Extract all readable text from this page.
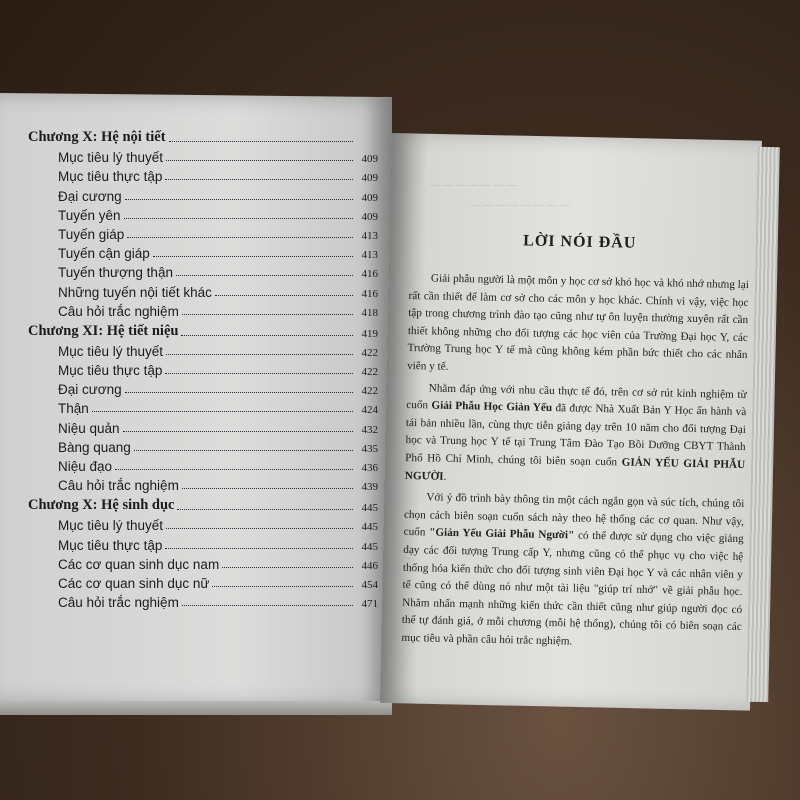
— — — — — — —
— — — — — — — —
Chương X: Hệ nội tiết
Mục tiêu lý thuyết	409
Mục tiêu thực tập	409
Đại cương	409
Tuyến yên	409
Tuyến giáp	413
Tuyến cận giáp	413
Tuyến thượng thận	416
Những tuyến nội tiết khác	416
Câu hỏi trắc nghiệm	418
Chương XI: Hệ tiết niệu	419
Mục tiêu lý thuyết	422
Mục tiêu thực tập	422
Đại cương	422
Thận	424
Niệu quản	432
Bàng quang	435
Niệu đạo	436
Câu hỏi trắc nghiệm	439
Chương X: Hệ sinh dục	445
Mục tiêu lý thuyết	445
Mục tiêu thực tập	445
Các cơ quan sinh dục nam	446
Các cơ quan sinh dục nữ	454
Câu hỏi trắc nghiệm	471
LỜI NÓI ĐẦU

Giải phẫu người là một môn y học cơ sở khó học và khó nhớ nhưng lại rất cần thiết để làm cơ sở cho các môn y học khác. Chính vì vậy, việc học tập trong chương trình đào tạo cũng như tự ôn luyện thường xuyên rất cần thiết không những cho đối tượng các học viên của Trường Đại học Y, các Trường Trung học Y tế mà cũng không kém phần bức thiết cho các nhân viên y tế.

Nhằm đáp ứng với nhu cầu thực tế đó, trên cơ sở rút kinh nghiệm từ cuốn Giải Phẫu Học Giản Yếu đã được Nhà Xuất Bản Y Học ấn hành và tái bản nhiều lần, cùng thực tiễn giảng dạy trên 10 năm cho đối tượng Đại học và Trung học Y tế tại Trung Tâm Đào Tạo Bồi Dưỡng CBYT Thành Phố Hồ Chí Minh, chúng tôi biên soạn cuốn GIẢN YẾU GIẢI PHẪU NGƯỜI.

Với ý đồ trình bày thông tin một cách ngắn gọn và súc tích, chúng tôi chọn cách biên soạn cuốn sách này theo hệ thống các cơ quan. Như vậy, cuốn "Giản Yếu Giải Phẫu Người" có thể được sử dụng cho việc giảng dạy các đối tượng Trung cấp Y, nhưng cũng có thể phục vụ cho việc hệ thống hóa kiến thức cho đối tượng sinh viên Đại học Y và các nhân viên y tế cũng có thể dùng nó như một tài liệu "giúp trí nhớ" về giải phẫu học. Nhằm nhấn mạnh những kiến thức cần thiết cũng như giúp người đọc có thể tự đánh giá, ở mỗi chương (mỗi hệ thống), chúng tôi có biên soạn các mục tiêu và phần câu hỏi trắc nghiệm.
